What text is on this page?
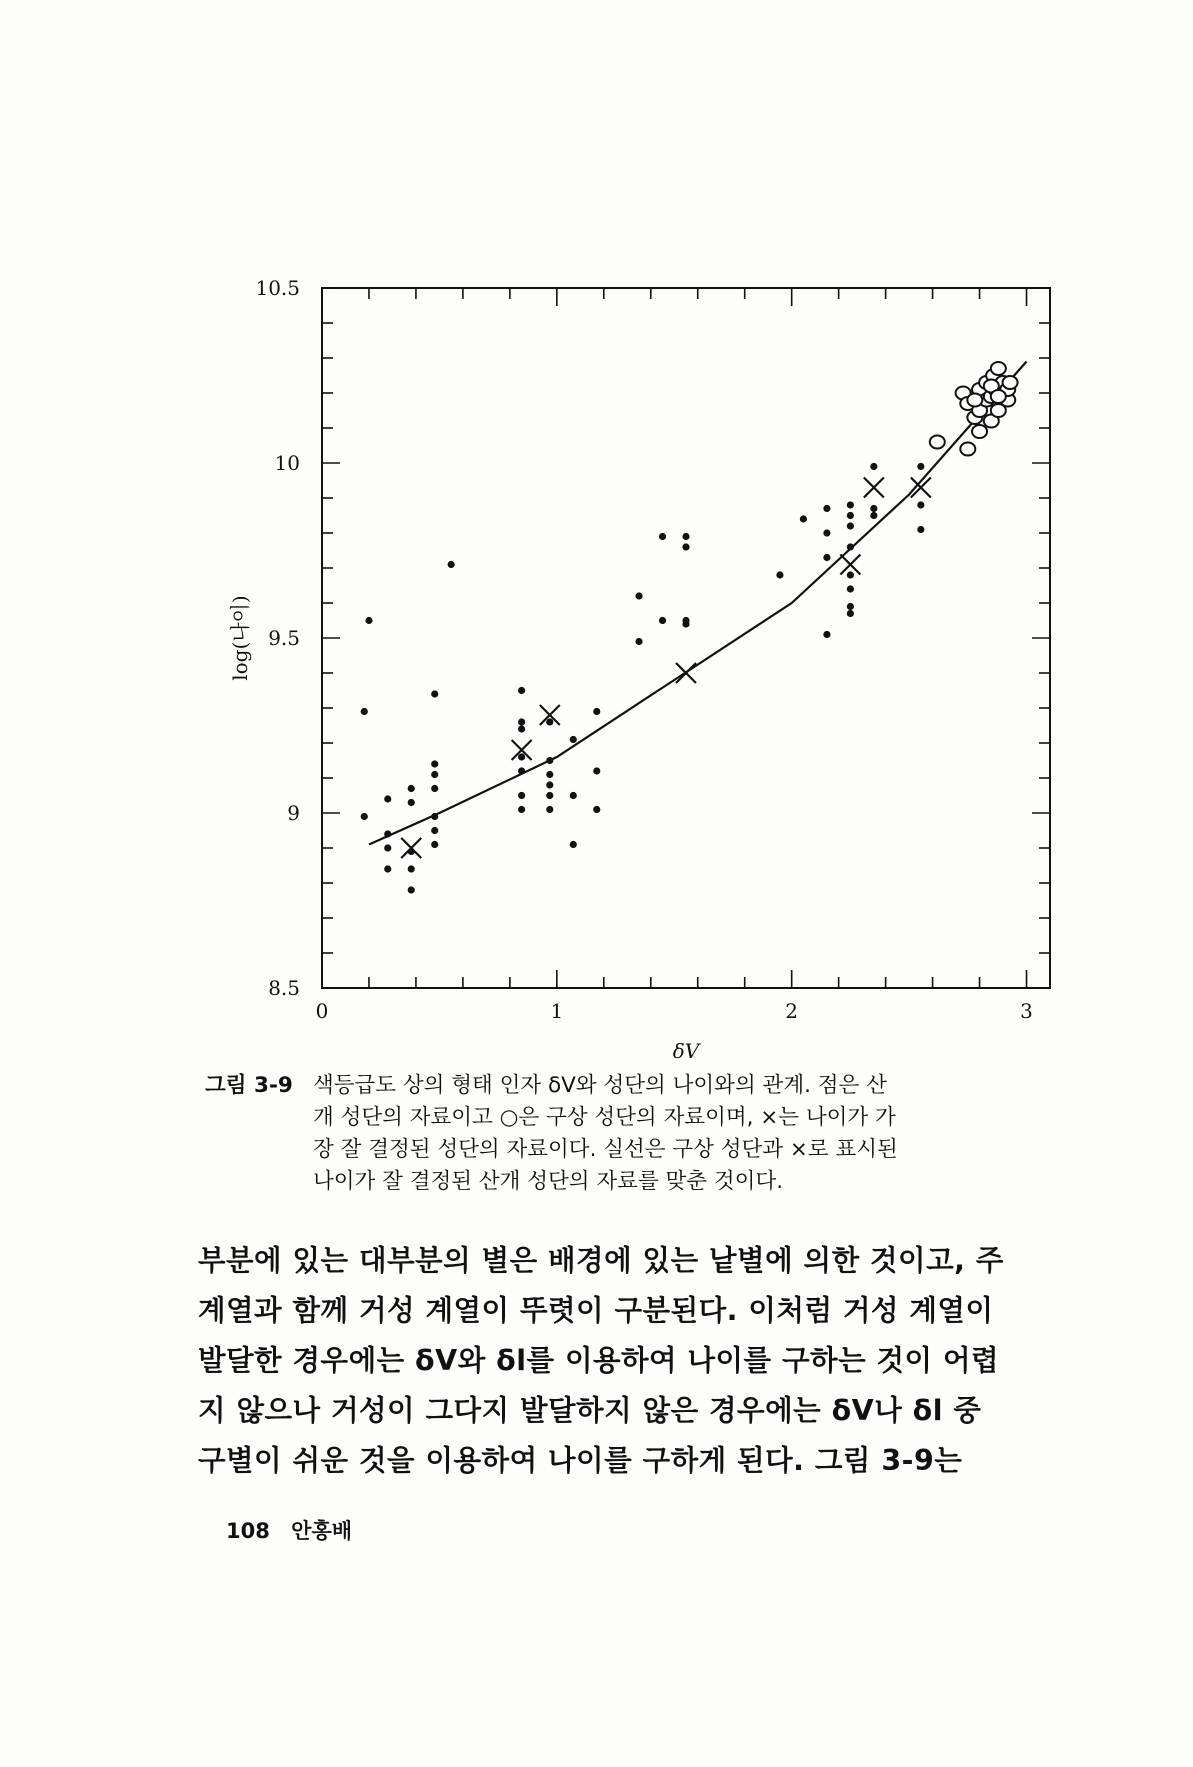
0	1	2	3
8.5
9
9.5
10
10.5
δV
log(나이)
그림 3-9 색등급도 상의 형태 인자 δV와 성단의 나이와의 관계. 점은 산
개 성단의 자료이고 ○은 구상 성단의 자료이며, ×는 나이가 가
장 잘 결정된 성단의 자료이다. 실선은 구상 성단과 ×로 표시된
나이가 잘 결정된 산개 성단의 자료를 맞춘 것이다.
부분에 있는 대부분의 별은 배경에 있는 낱별에 의한 것이고, 주
계열과 함께 거성 계열이 뚜렷이 구분된다. 이처럼 거성 계열이
발달한 경우에는 δV와 δl를 이용하여 나이를 구하는 것이 어렵
지 않으나 거성이 그다지 발달하지 않은 경우에는 δV나 δl 중
구별이 쉬운 것을 이용하여 나이를 구하게 된다. 그림 3-9는
108 안홍배
